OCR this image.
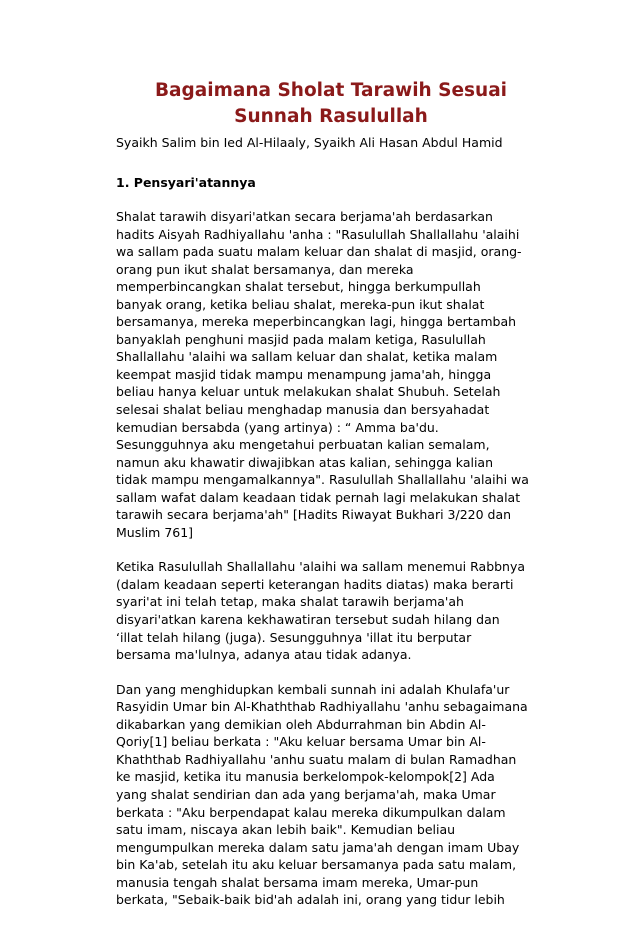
Bagaimana Sholat Tarawih Sesuai
Sunnah Rasulullah
Syaikh Salim bin Ied Al-Hilaaly, Syaikh Ali Hasan Abdul Hamid
1. Pensyari'atannya
Shalat tarawih disyari'atkan secara berjama'ah berdasarkan
hadits Aisyah Radhiyallahu 'anha : "Rasulullah Shallallahu 'alaihi
wa sallam pada suatu malam keluar dan shalat di masjid, orang-
orang pun ikut shalat bersamanya, dan mereka
memperbincangkan shalat tersebut, hingga berkumpullah
banyak orang, ketika beliau shalat, mereka-pun ikut shalat
bersamanya, mereka meperbincangkan lagi, hingga bertambah
banyaklah penghuni masjid pada malam ketiga, Rasulullah
Shallallahu 'alaihi wa sallam keluar dan shalat, ketika malam
keempat masjid tidak mampu menampung jama'ah, hingga
beliau hanya keluar untuk melakukan shalat Shubuh. Setelah
selesai shalat beliau menghadap manusia dan bersyahadat
kemudian bersabda (yang artinya) : “ Amma ba'du.
Sesungguhnya aku mengetahui perbuatan kalian semalam,
namun aku khawatir diwajibkan atas kalian, sehingga kalian
tidak mampu mengamalkannya". Rasulullah Shallallahu 'alaihi wa
sallam wafat dalam keadaan tidak pernah lagi melakukan shalat
tarawih secara berjama'ah" [Hadits Riwayat Bukhari 3/220 dan
Muslim 761]
Ketika Rasulullah Shallallahu 'alaihi wa sallam menemui Rabbnya
(dalam keadaan seperti keterangan hadits diatas) maka berarti
syari'at ini telah tetap, maka shalat tarawih berjama'ah
disyari'atkan karena kekhawatiran tersebut sudah hilang dan
‘illat telah hilang (juga). Sesungguhnya 'illat itu berputar
bersama ma'lulnya, adanya atau tidak adanya.
Dan yang menghidupkan kembali sunnah ini adalah Khulafa'ur
Rasyidin Umar bin Al-Khaththab Radhiyallahu 'anhu sebagaimana
dikabarkan yang demikian oleh Abdurrahman bin Abdin Al-
Qoriy[1] beliau berkata : "Aku keluar bersama Umar bin Al-
Khaththab Radhiyallahu 'anhu suatu malam di bulan Ramadhan
ke masjid, ketika itu manusia berkelompok-kelompok[2] Ada
yang shalat sendirian dan ada yang berjama'ah, maka Umar
berkata : "Aku berpendapat kalau mereka dikumpulkan dalam
satu imam, niscaya akan lebih baik". Kemudian beliau
mengumpulkan mereka dalam satu jama'ah dengan imam Ubay
bin Ka'ab, setelah itu aku keluar bersamanya pada satu malam,
manusia tengah shalat bersama imam mereka, Umar-pun
berkata, "Sebaik-baik bid'ah adalah ini, orang yang tidur lebih
